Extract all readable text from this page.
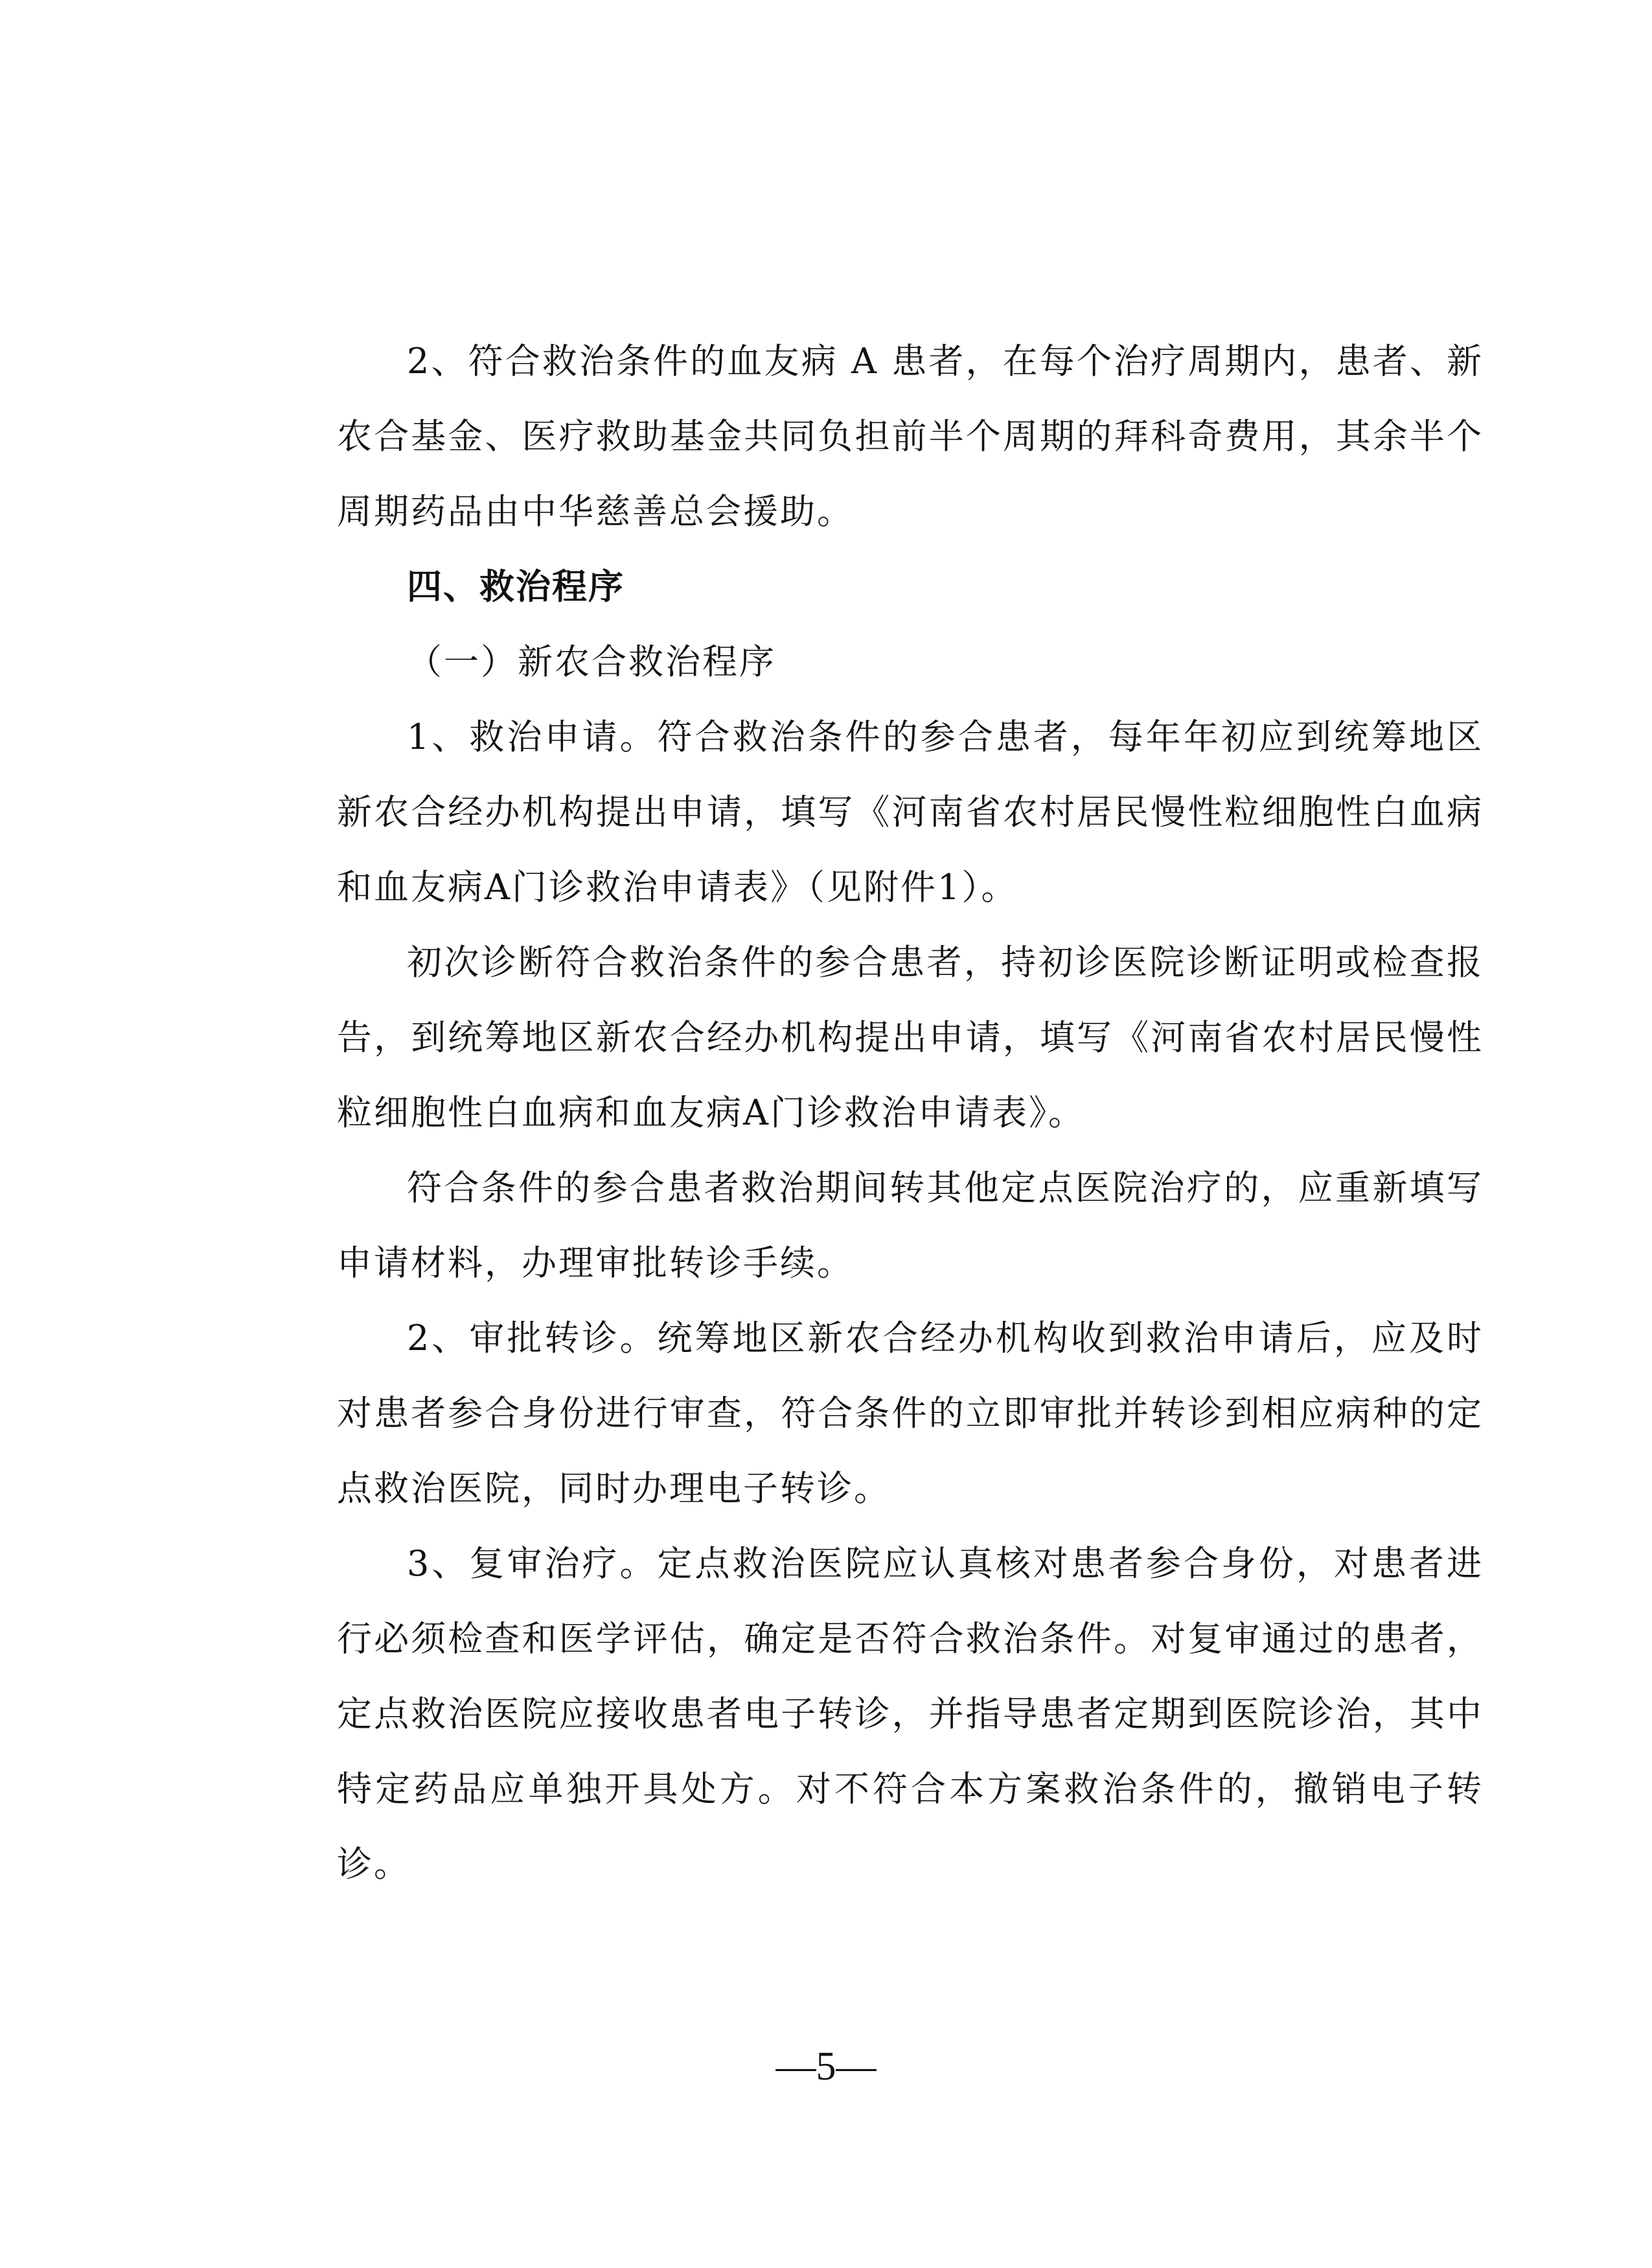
2、符合救治条件的血友病 A 患者，在每个治疗周期内，患者、新农合基金、医疗救助基金共同负担前半个周期的拜科奇费用，其余半个周期药品由中华慈善总会援助。

四、救治程序

（一）新农合救治程序

1、救治申请。符合救治条件的参合患者，每年年初应到统筹地区新农合经办机构提出申请，填写《河南省农村居民慢性粒细胞性白血病和血友病A门诊救治申请表》（见附件1）。

初次诊断符合救治条件的参合患者，持初诊医院诊断证明或检查报告，到统筹地区新农合经办机构提出申请，填写《河南省农村居民慢性粒细胞性白血病和血友病A门诊救治申请表》。

符合条件的参合患者救治期间转其他定点医院治疗的，应重新填写申请材料，办理审批转诊手续。

2、审批转诊。统筹地区新农合经办机构收到救治申请后，应及时对患者参合身份进行审查，符合条件的立即审批并转诊到相应病种的定点救治医院，同时办理电子转诊。

3、复审治疗。定点救治医院应认真核对患者参合身份，对患者进行必须检查和医学评估，确定是否符合救治条件。对复审通过的患者，定点救治医院应接收患者电子转诊，并指导患者定期到医院诊治，其中特定药品应单独开具处方。对不符合本方案救治条件的，撤销电子转诊。

—5—
